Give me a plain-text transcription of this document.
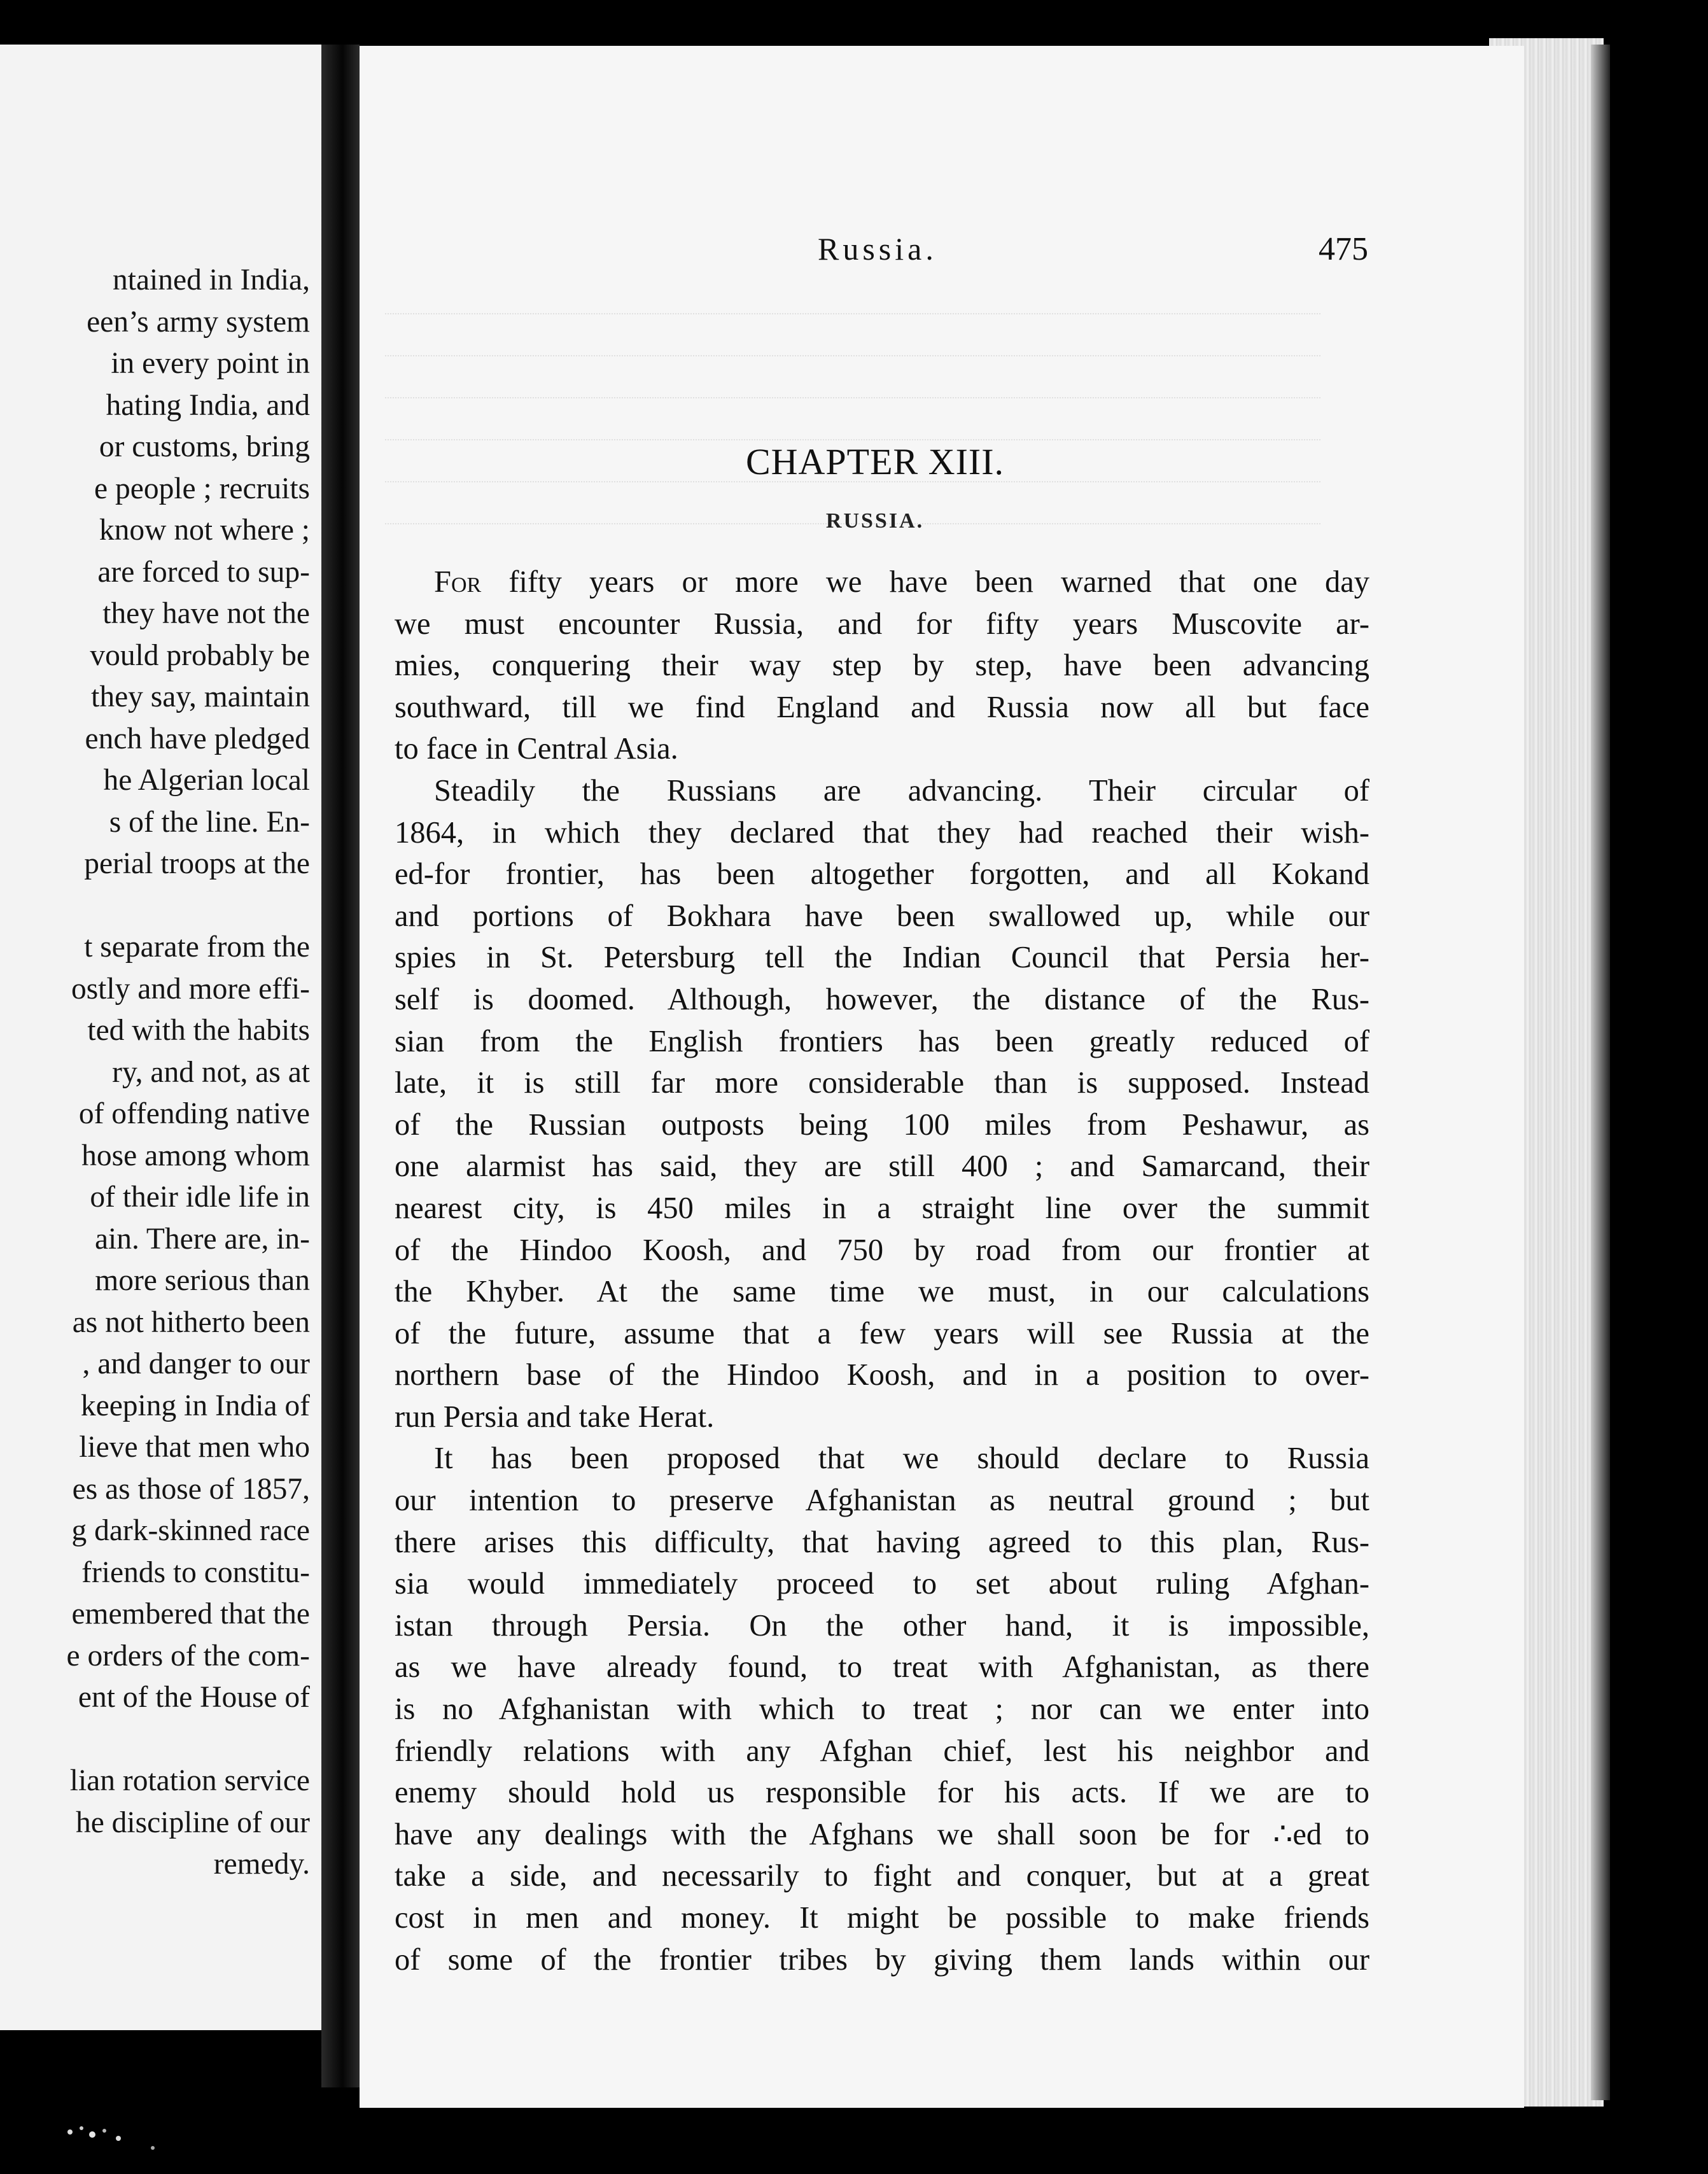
ntained in India,
een’s army system
in every point in
hating India, and
or customs, bring
e people ; recruits
know not where ;
are forced to sup-
they have not the
vould probably be
they say, maintain
ench have pledged
he Algerian local
s of the line. En-
perial troops at the
t separate from the
ostly and more effi-
ted with the habits
ry, and not, as at
of offending native
hose among whom
of their idle life in
ain. There are, in-
more serious than
as not hitherto been
, and danger to our
keeping in India of
lieve that men who
es as those of 1857,
g dark-skinned race
friends to constitu-
emembered that the
e orders of the com-
ent of the House of
lian rotation service
he discipline of our
remedy.
Russia.	475
CHAPTER XIII.
RUSSIA.
For fifty years or more we have been warned that one day
we must encounter Russia, and for fifty years Muscovite ar-
mies, conquering their way step by step, have been advancing
southward, till we find England and Russia now all but face
to face in Central Asia.
Steadily the Russians are advancing. Their circular of
1864, in which they declared that they had reached their wish-
ed-for frontier, has been altogether forgotten, and all Kokand
and portions of Bokhara have been swallowed up, while our
spies in St. Petersburg tell the Indian Council that Persia her-
self is doomed. Although, however, the distance of the Rus-
sian from the English frontiers has been greatly reduced of
late, it is still far more considerable than is supposed. Instead
of the Russian outposts being 100 miles from Peshawur, as
one alarmist has said, they are still 400 ; and Samarcand, their
nearest city, is 450 miles in a straight line over the summit
of the Hindoo Koosh, and 750 by road from our frontier at
the Khyber. At the same time we must, in our calculations
of the future, assume that a few years will see Russia at the
northern base of the Hindoo Koosh, and in a position to over-
run Persia and take Herat.
It has been proposed that we should declare to Russia
our intention to preserve Afghanistan as neutral ground ; but
there arises this difficulty, that having agreed to this plan, Rus-
sia would immediately proceed to set about ruling Afghan-
istan through Persia. On the other hand, it is impossible,
as we have already found, to treat with Afghanistan, as there
is no Afghanistan with which to treat ; nor can we enter into
friendly relations with any Afghan chief, lest his neighbor and
enemy should hold us responsible for his acts. If we are to
have any dealings with the Afghans we shall soon be for ∴ed to
take a side, and necessarily to fight and conquer, but at a great
cost in men and money. It might be possible to make friends
of some of the frontier tribes by giving them lands within our
